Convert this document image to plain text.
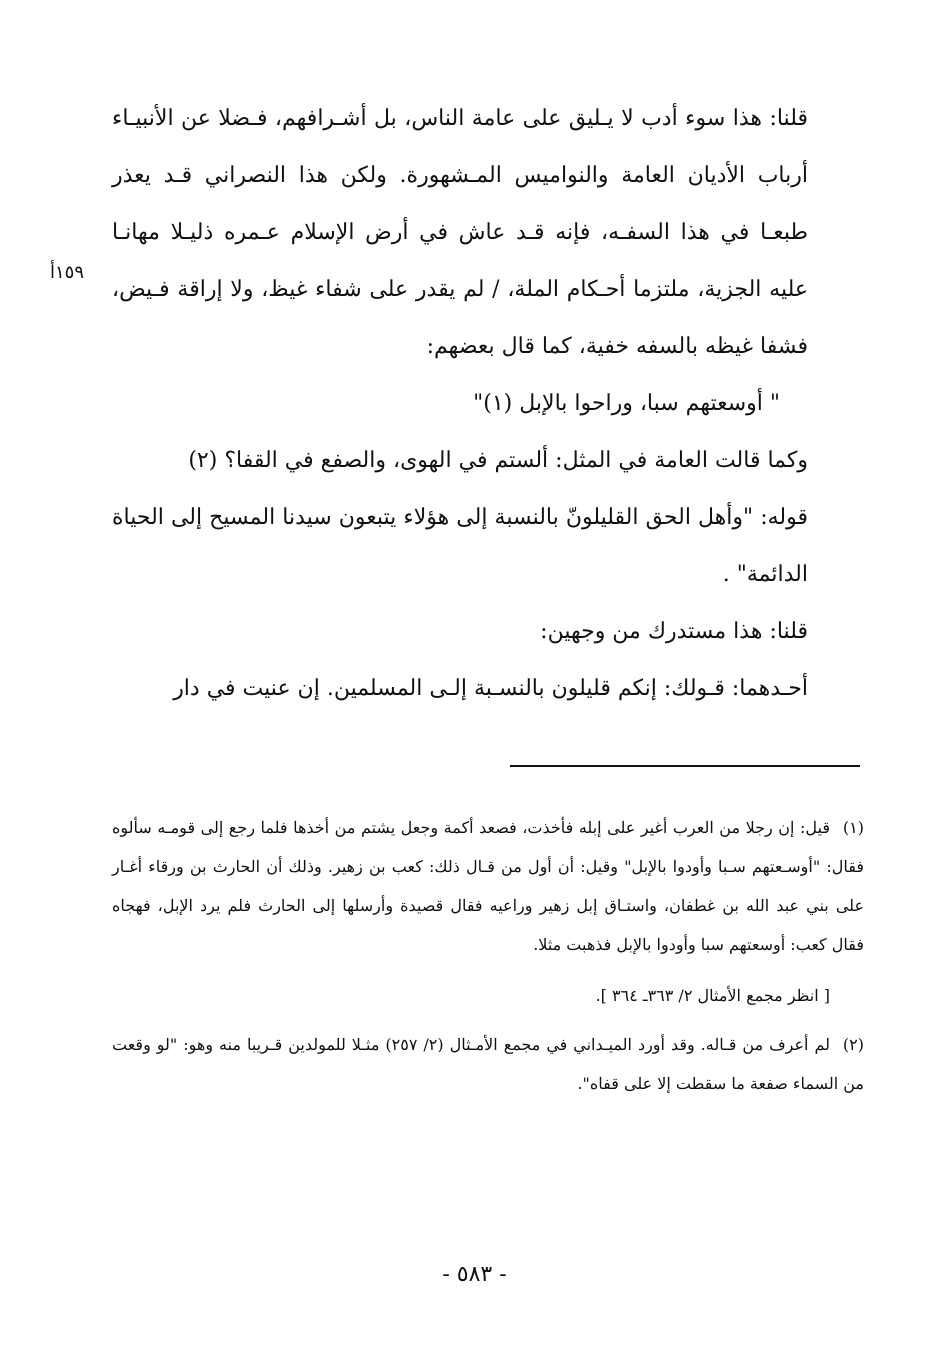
قلنا: هذا سوء أدب لا يـليق على عامة الناس، بل أشـرافهم، فـضلا عن الأنبيـاء أرباب الأديان العامة والنواميس المـشهورة. ولكن هذا النصراني قـد يعذر طبعـا في هذا السفـه، فإنه قـد عاش في أرض الإسلام عـمره ذليـلا مهانـا عليه الجزية، ملتزما أحـكام الملة، / لم يقدر على شفاء غيظ، ولا إراقة فـيض، فشفا غيظه بالسفه خفية، كما قال بعضهم:

" أوسعتهم سبا، وراحوا بالإبل (١)"

وكما قالت العامة في المثل: ألستم في الهوى، والصفع في القفا؟ (٢)

قوله: "وأهل الحق القليلونّ بالنسبة إلى هؤلاء يتبعون سيدنا المسيح إلى الحياة الدائمة" .

قلنا: هذا مستدرك من وجهين:

أحـدهما: قـولك: إنكم قليلون بالنسـبة إلـى المسلمين. إن عنيت في دار

١٥٩أ

(١)قيل: إن رجلا من العرب أغير على إبله فأخذت، فصعد أكمة وجعل يشتم من أخذها فلما رجع إلى قومـه سألوه فقال: "أوسـعتهم سـبا وأودوا بالإبل" وقيل: أن أول من قـال ذلك: كعب بن زهير. وذلك أن الحارث بن ورقاء أغـار على بني عبد الله بن غطفان، واستـاق إبل زهير وراعيه فقال قصيدة وأرسلها إلى الحارث فلم يرد الإبل، فهجاه فقال كعب: أوسعتهم سبا وأودوا بالإبل فذهبت مثلا.

[ انظر مجمع الأمثال ٢/ ٣٦٣ـ ٣٦٤ ].

(٢)لم أعرف من قـاله. وقد أورد الميـداني في مجمع الأمـثال (٢/ ٢٥٧) مثـلا للمولدين قـريبا منه وهو: "لو وقعت من السماء صفعة ما سقطت إلا على قفاه".

- ٥٨٣ -
